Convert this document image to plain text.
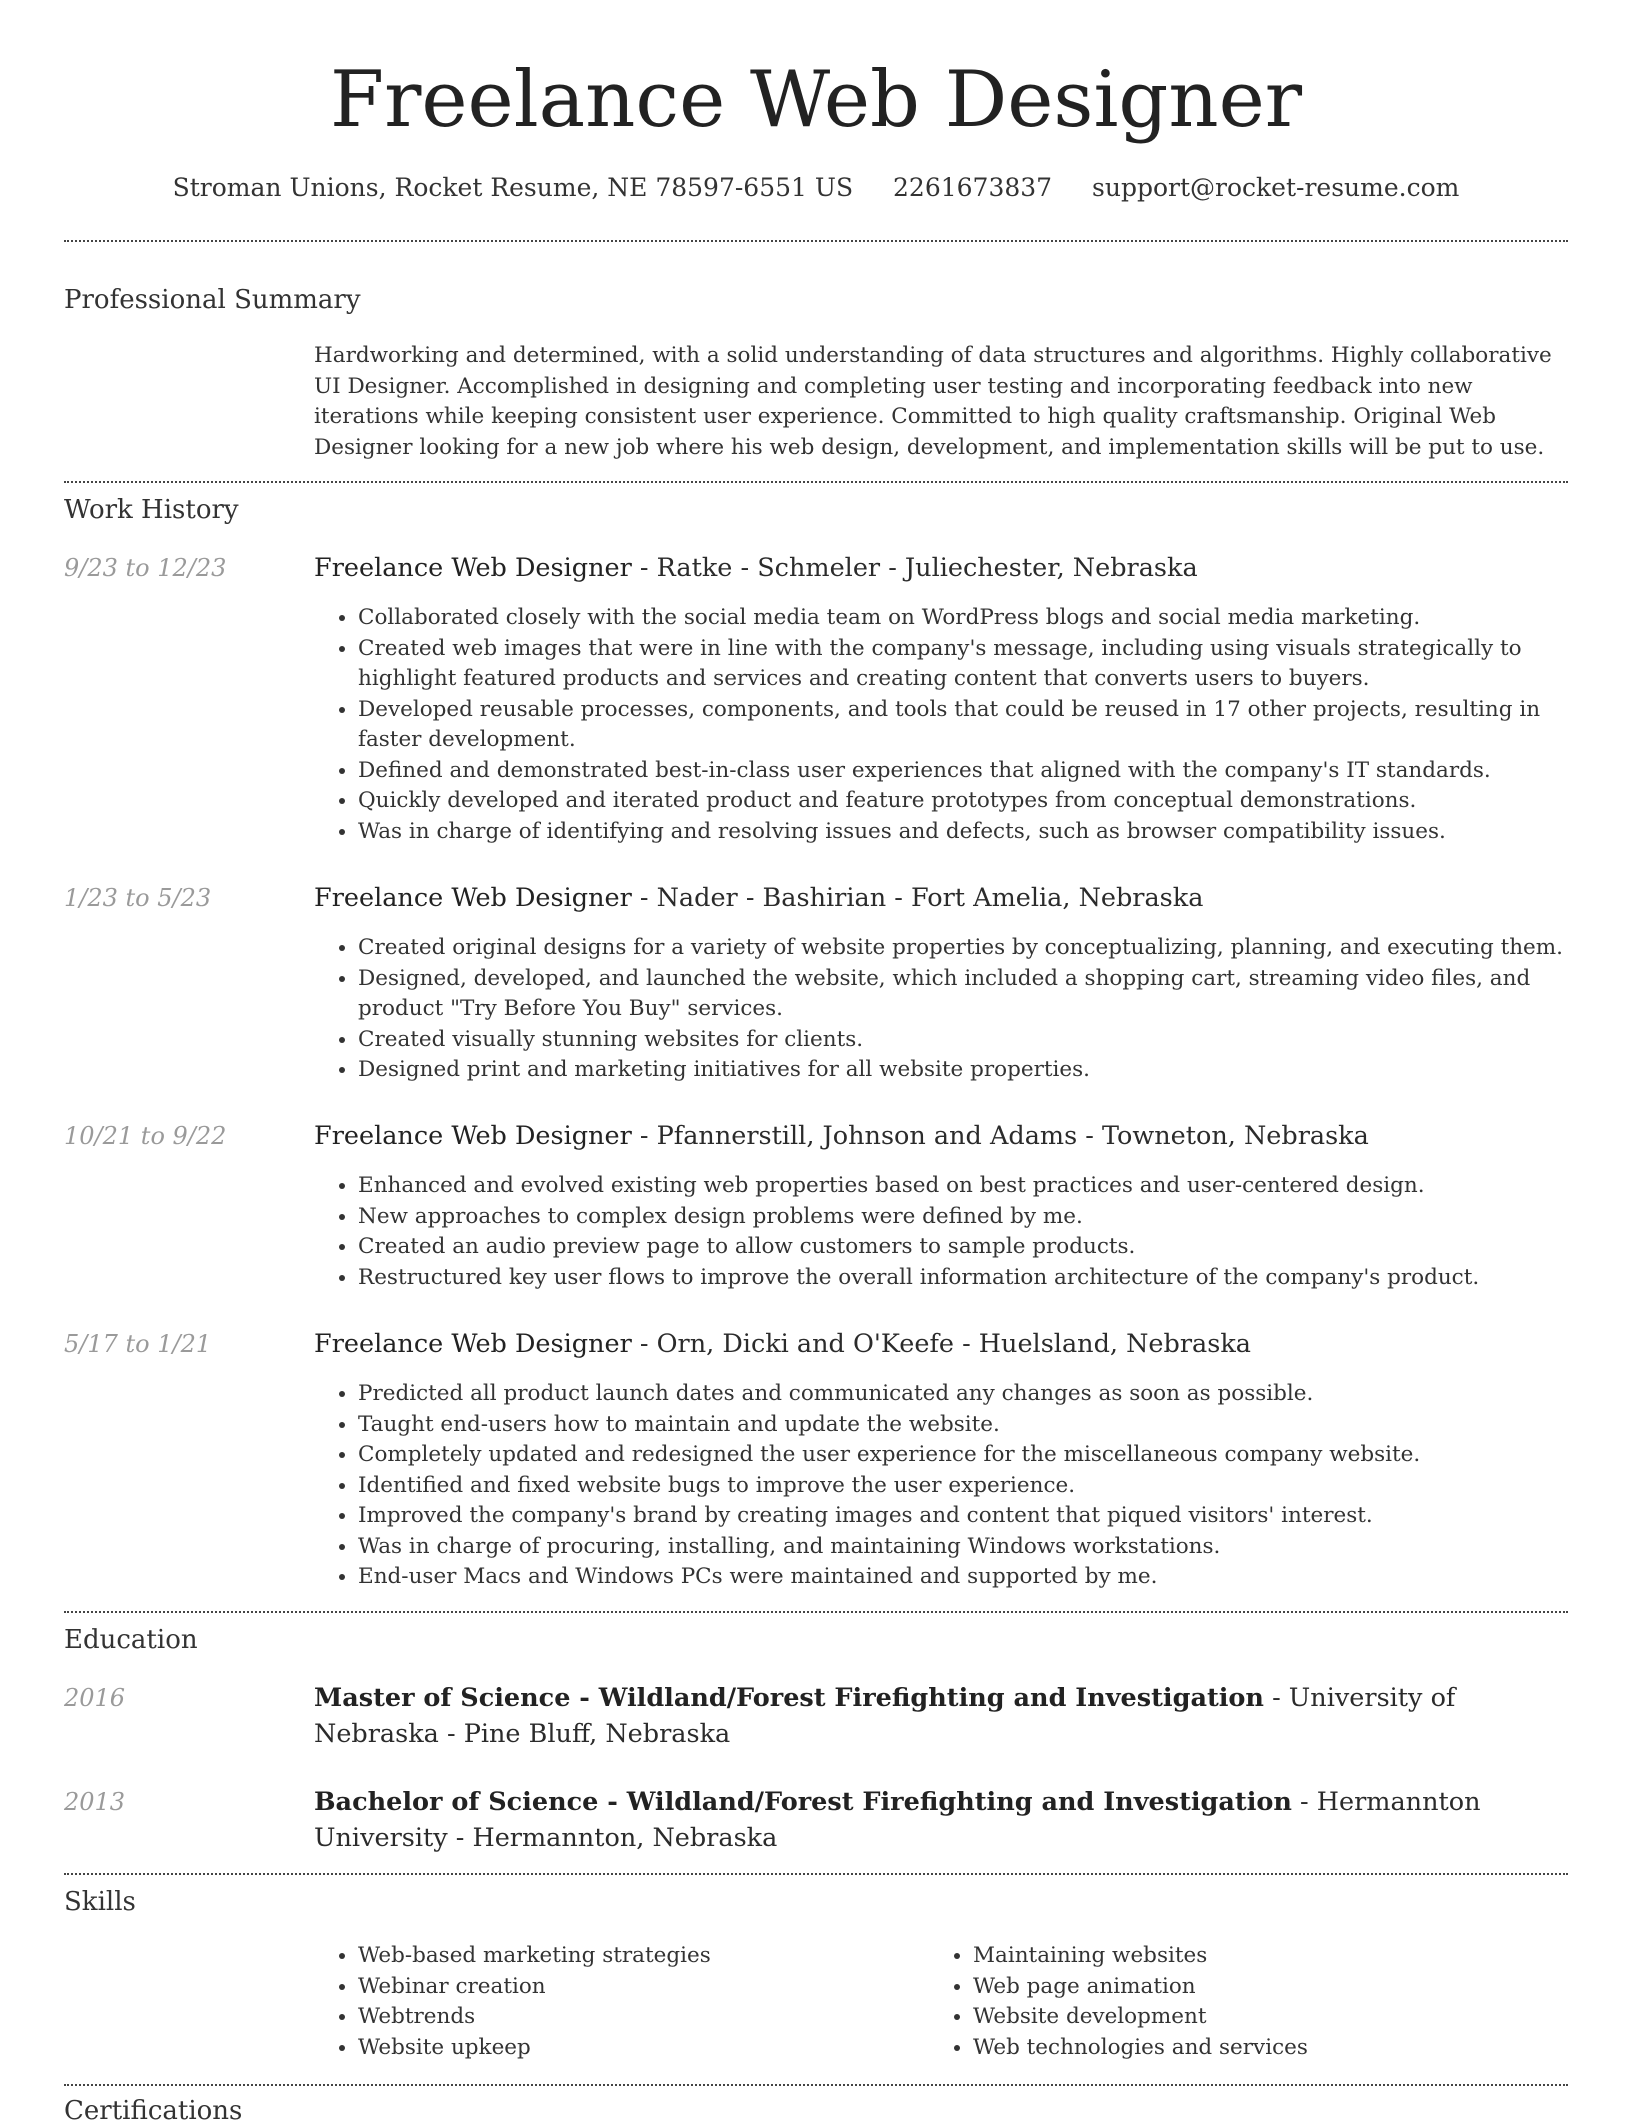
Freelance Web Designer
Stroman Unions, Rocket Resume, NE 78597-6551 US 2261673837 support@rocket-resume.com
Professional Summary
Hardworking and determined, with a solid understanding of data structures and algorithms. Highly collaborative UI Designer. Accomplished in designing and completing user testing and incorporating feedback into new iterations while keeping consistent user experience. Committed to high quality craftsmanship. Original Web Designer looking for a new job where his web design, development, and implementation skills will be put to use.
Work History
9/23 to 12/23	Freelance Web Designer - Ratke - Schmeler - Juliechester, Nebraska
• Collaborated closely with the social media team on WordPress blogs and social media marketing.
• Created web images that were in line with the company's message, including using visuals strategically to highlight featured products and services and creating content that converts users to buyers.
• Developed reusable processes, components, and tools that could be reused in 17 other projects, resulting in faster development.
• Defined and demonstrated best-in-class user experiences that aligned with the company's IT standards.
• Quickly developed and iterated product and feature prototypes from conceptual demonstrations.
• Was in charge of identifying and resolving issues and defects, such as browser compatibility issues.
1/23 to 5/23	Freelance Web Designer - Nader - Bashirian - Fort Amelia, Nebraska
• Created original designs for a variety of website properties by conceptualizing, planning, and executing them.
• Designed, developed, and launched the website, which included a shopping cart, streaming video files, and product "Try Before You Buy" services.
• Created visually stunning websites for clients.
• Designed print and marketing initiatives for all website properties.
10/21 to 9/22	Freelance Web Designer - Pfannerstill, Johnson and Adams - Towneton, Nebraska
• Enhanced and evolved existing web properties based on best practices and user-centered design.
• New approaches to complex design problems were defined by me.
• Created an audio preview page to allow customers to sample products.
• Restructured key user flows to improve the overall information architecture of the company's product.
5/17 to 1/21	Freelance Web Designer - Orn, Dicki and O'Keefe - Huelsland, Nebraska
• Predicted all product launch dates and communicated any changes as soon as possible.
• Taught end-users how to maintain and update the website.
• Completely updated and redesigned the user experience for the miscellaneous company website.
• Identified and fixed website bugs to improve the user experience.
• Improved the company's brand by creating images and content that piqued visitors' interest.
• Was in charge of procuring, installing, and maintaining Windows workstations.
• End-user Macs and Windows PCs were maintained and supported by me.
Education
2016	Master of Science - Wildland/Forest Firefighting and Investigation - University of Nebraska - Pine Bluff, Nebraska
2013	Bachelor of Science - Wildland/Forest Firefighting and Investigation - Hermannton University - Hermannton, Nebraska
Skills
• Web-based marketing strategies
• Webinar creation
• Webtrends
• Website upkeep
• Maintaining websites
• Web page animation
• Website development
• Web technologies and services
Certifications
